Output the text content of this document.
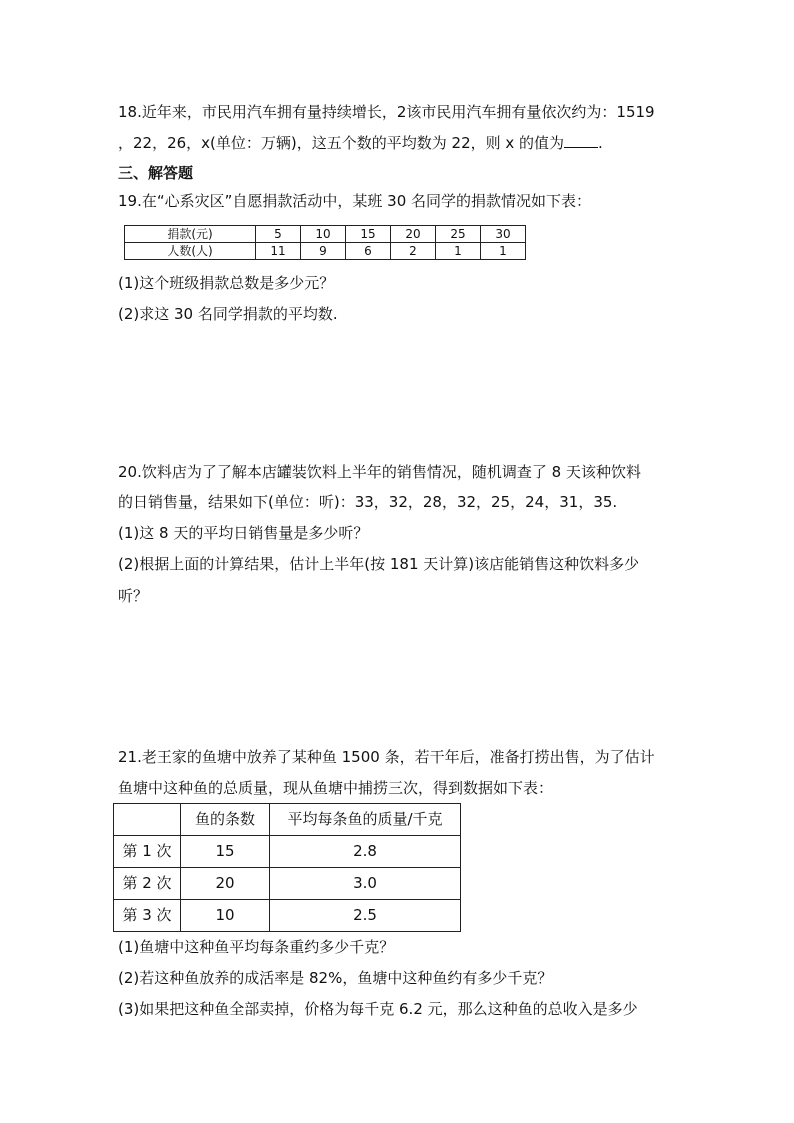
18.近年来，市民用汽车拥有量持续增长，2该市民用汽车拥有量依次约为：1519
，22，26，x(单位：万辆)，这五个数的平均数为 22，则 x 的值为 .
三、解答题
19.在“心系灾区”自愿捐款活动中，某班 30 名同学的捐款情况如下表：
捐款(元)	5	10	15	20	25	30
人数(人)	11	9	6	2	1	1
(1)这个班级捐款总数是多少元？
(2)求这 30 名同学捐款的平均数.
20.饮料店为了了解本店罐装饮料上半年的销售情况，随机调查了 8 天该种饮料
的日销售量，结果如下(单位：听)：33，32，28，32，25，24，31，35.
(1)这 8 天的平均日销售量是多少听？
(2)根据上面的计算结果，估计上半年(按 181 天计算)该店能销售这种饮料多少
听？
21.老王家的鱼塘中放养了某种鱼 1500 条，若干年后，准备打捞出售，为了估计
鱼塘中这种鱼的总质量，现从鱼塘中捕捞三次，得到数据如下表：
	鱼的条数	平均每条鱼的质量/千克
第 1 次	15	2.8
第 2 次	20	3.0
第 3 次	10	2.5
(1)鱼塘中这种鱼平均每条重约多少千克？
(2)若这种鱼放养的成活率是 82%，鱼塘中这种鱼约有多少千克？
(3)如果把这种鱼全部卖掉，价格为每千克 6.2 元，那么这种鱼的总收入是多少
